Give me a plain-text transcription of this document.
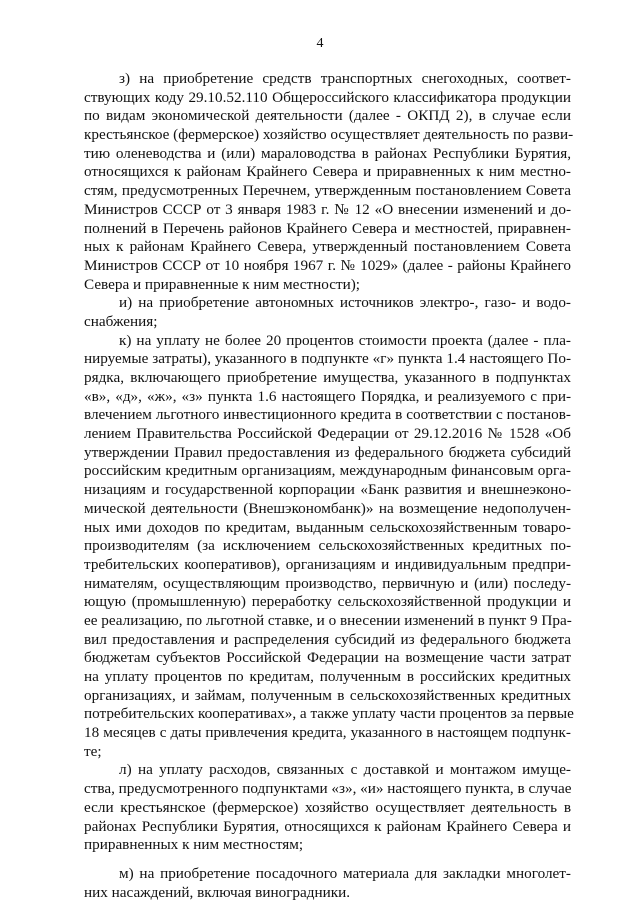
4
з) на приобретение средств транспортных снегоходных, соответ-
ствующих коду 29.10.52.110 Общероссийского классификатора продукции
по видам экономической деятельности (далее - ОКПД 2), в случае если
крестьянское (фермерское) хозяйство осуществляет деятельность по разви-
тию оленеводства и (или) мараловодства в районах Республики Бурятия,
относящихся к районам Крайнего Севера и приравненных к ним местно-
стям, предусмотренных Перечнем, утвержденным постановлением Совета
Министров СССР от 3 января 1983 г. № 12 «О внесении изменений и до-
полнений в Перечень районов Крайнего Севера и местностей, приравнен-
ных к районам Крайнего Севера, утвержденный постановлением Совета
Министров СССР от 10 ноября 1967 г. № 1029» (далее - районы Крайнего
Севера и приравненные к ним местности);
и) на приобретение автономных источников электро-, газо- и водо-
снабжения;
к) на уплату не более 20 процентов стоимости проекта (далее - пла-
нируемые затраты), указанного в подпункте «г» пункта 1.4 настоящего По-
рядка, включающего приобретение имущества, указанного в подпунктах
«в», «д», «ж», «з» пункта 1.6 настоящего Порядка, и реализуемого с при-
влечением льготного инвестиционного кредита в соответствии с постанов-
лением Правительства Российской Федерации от 29.12.2016 № 1528 «Об
утверждении Правил предоставления из федерального бюджета субсидий
российским кредитным организациям, международным финансовым орга-
низациям и государственной корпорации «Банк развития и внешнеэконо-
мической деятельности (Внешэкономбанк)» на возмещение недополучен-
ных ими доходов по кредитам, выданным сельскохозяйственным товаро-
производителям (за исключением сельскохозяйственных кредитных по-
требительских кооперативов), организациям и индивидуальным предпри-
нимателям, осуществляющим производство, первичную и (или) последу-
ющую (промышленную) переработку сельскохозяйственной продукции и
ее реализацию, по льготной ставке, и о внесении изменений в пункт 9 Пра-
вил предоставления и распределения субсидий из федерального бюджета
бюджетам субъектов Российской Федерации на возмещение части затрат
на уплату процентов по кредитам, полученным в российских кредитных
организациях, и займам, полученным в сельскохозяйственных кредитных
потребительских кооперативах», а также уплату части процентов за первые
18 месяцев с даты привлечения кредита, указанного в настоящем подпунк-
те;
л) на уплату расходов, связанных с доставкой и монтажом имуще-
ства, предусмотренного подпунктами «з», «и» настоящего пункта, в случае
если крестьянское (фермерское) хозяйство осуществляет деятельность в
районах Республики Бурятия, относящихся к районам Крайнего Севера и
приравненных к ним местностям;
м) на приобретение посадочного материала для закладки многолет-
них насаждений, включая виноградники.
